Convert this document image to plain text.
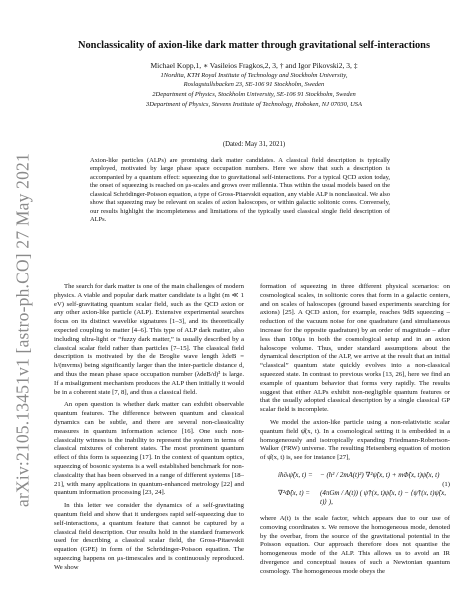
arXiv:2105.13451v1 [astro-ph.CO] 27 May 2021
Nonclassicality of axion-like dark matter through gravitational self-interactions
Michael Kopp,1, ∗ Vasileios Fragkos,2, 3, † and Igor Pikovski2, 3, ‡
1Nordita, KTH Royal Institute of Technology and Stockholm University,
Roslagstullsbacken 23, SE-106 91 Stockholm, Sweden
2Department of Physics, Stockholm University, SE-106 91 Stockholm, Sweden
3Department of Physics, Stevens Institute of Technology, Hoboken, NJ 07030, USA
(Dated: May 31, 2021)
Axion-like particles (ALPs) are promising dark matter candidates. A classical field description is typically employed, motivated by large phase space occupation numbers. Here we show that such a description is accompanied by a quantum effect: squeezing due to gravitational self-interactions. For a typical QCD axion today, the onset of squeezing is reached on μs-scales and grows over millennia. Thus within the usual models based on the classical Schrödinger-Poisson equation, a type of Gross-Pitaevskii equation, any viable ALP is nonclassical. We also show that squeezing may be relevant on scales of axion haloscopes, or within galactic solitonic cores. Conversely, our results highlight the incompleteness and limitations of the typically used classical single field description of ALPs.

The search for dark matter is one of the main challenges of modern physics. A viable and popular dark matter candidate is a light (m ≪ 1 eV) self-gravitating quantum scalar field, such as the QCD axion or any other axion-like particle (ALP). Extensive experimental searches focus on its distinct wavelike signatures [1–3], and its theoretically expected coupling to matter [4–6]. This type of ALP dark matter, also including ultra-light or “fuzzy dark matter,” is usually described by a classical scalar field rather than particles [7–15]. The classical field description is motivated by the de Broglie wave length λdeB = h/(mvrms) being significantly larger than the inter-particle distance d, and thus the mean phase space occupation number (λdeB/d)³ is large. If a misalignment mechanism produces the ALP then initially it would be in a coherent state [7, 8], and thus a classical field.

An open question is whether dark matter can exhibit observable quantum features. The difference between quantum and classical dynamics can be subtle, and there are several non-classicality measures in quantum information science [16]. One such non-classicality witness is the inability to represent the system in terms of classical mixtures of coherent states. The most prominent quantum effect of this form is squeezing [17]. In the context of quantum optics, squeezing of bosonic systems is a well established benchmark for non-classicality that has been observed in a range of different systems [18–21], with many applications in quantum-enhanced metrology [22] and quantum information processing [23, 24].

In this letter we consider the dynamics of a self-gravitating quantum field and show that it undergoes rapid self-squeezing due to self-interactions, a quantum feature that cannot be captured by a classical field description. Our results hold in the standard framework used for describing a classical scalar field, the Gross-Pitaevskii equation (GPE) in form of the Schrödinger-Poisson equation. The squeezing happens on μs-timescales and is continuously reproduced. We show

formation of squeezing in three different physical scenarios: on cosmological scales, in solitonic cores that form in a galactic centers, and on scales of haloscopes (ground based experiments searching for axions) [25]. A QCD axion, for example, reaches 9dB squeezing – reduction of the vacuum noise for one quadrature (and simultaneous increase for the opposite quadrature) by an order of magnitude – after less than 100μs in both the cosmological setup and in an axion haloscope volume. Thus, under standard assumptions about the dynamical description of the ALP, we arrive at the result that an initial “classical” quantum state quickly evolves into a non-classical squeezed state. In contrast to previous works [13, 26], here we find an example of quantum behavior that forms very rapidly. The results suggest that either ALPs exhibit non-negligible quantum features or that the usually adopted classical description by a single classical GP scalar field is incomplete.

We model the axion-like particle using a non-relativistic scalar quantum field ψ̂(x, t). In a cosmological setting it is embedded in a homogeneously and isotropically expanding Friedmann-Robertson-Walker (FRW) universe. The resulting Heisenberg equation of motion of ψ̂(x, t) is, see for instance [27],

iħ∂ₜψ̂(x, t) = − (ħ² / 2mA(t)²) ∇²ψ̂(x, t) + mΦ̂(x, t)ψ̂(x, t)
∇²Φ̂(x, t) = (4πGm / A(t)) ( ψ̂†(x, t)ψ̂(x, t) − ⟨ψ̂†(x, t)ψ̂(x, t)⟩ ),
(1)

where A(t) is the scale factor, which appears due to our use of comoving coordinates x. We remove the homogeneous mode, denoted by the overbar, from the source of the gravitational potential in the Poisson equation. Our approach therefore does not quantise the homogeneous mode of the ALP. This allows us to avoid an IR divergence and conceptual issues of such a Newtonian quantum cosmology. The homogeneous mode obeys the
